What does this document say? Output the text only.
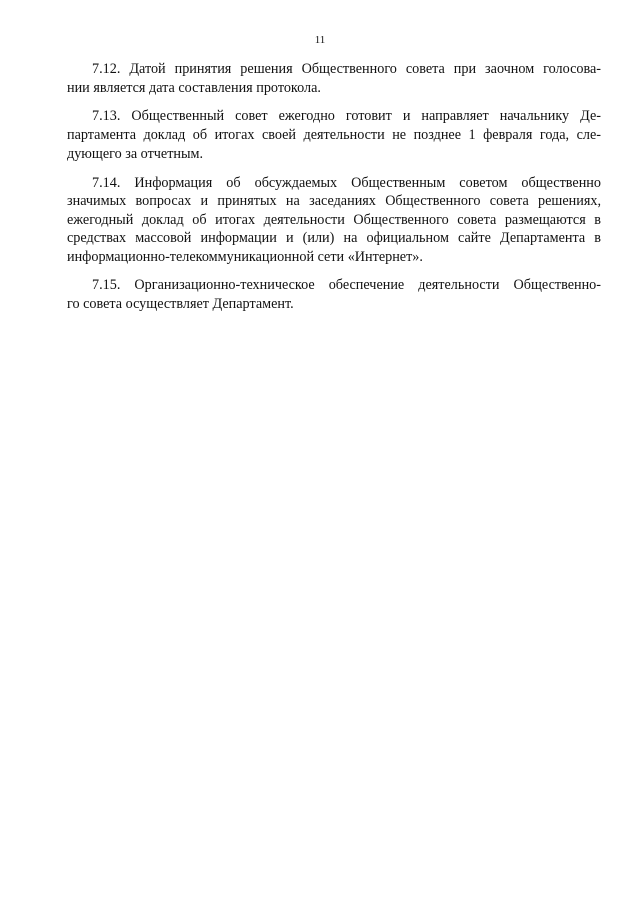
11
7.12. Датой принятия решения Общественного совета при заочном голосова-
нии является дата составления протокола.
7.13. Общественный совет ежегодно готовит и направляет начальнику Де-
партамента доклад об итогах своей деятельности не позднее 1 февраля года, сле-
дующего за отчетным.
7.14. Информация об обсуждаемых Общественным советом общественно
значимых вопросах и принятых на заседаниях Общественного совета решениях,
ежегодный доклад об итогах деятельности Общественного совета размещаются в
средствах массовой информации и (или) на официальном сайте Департамента в
информационно-телекоммуникационной сети «Интернет».
7.15. Организационно-техническое обеспечение деятельности Общественно-
го совета осуществляет Департамент.
